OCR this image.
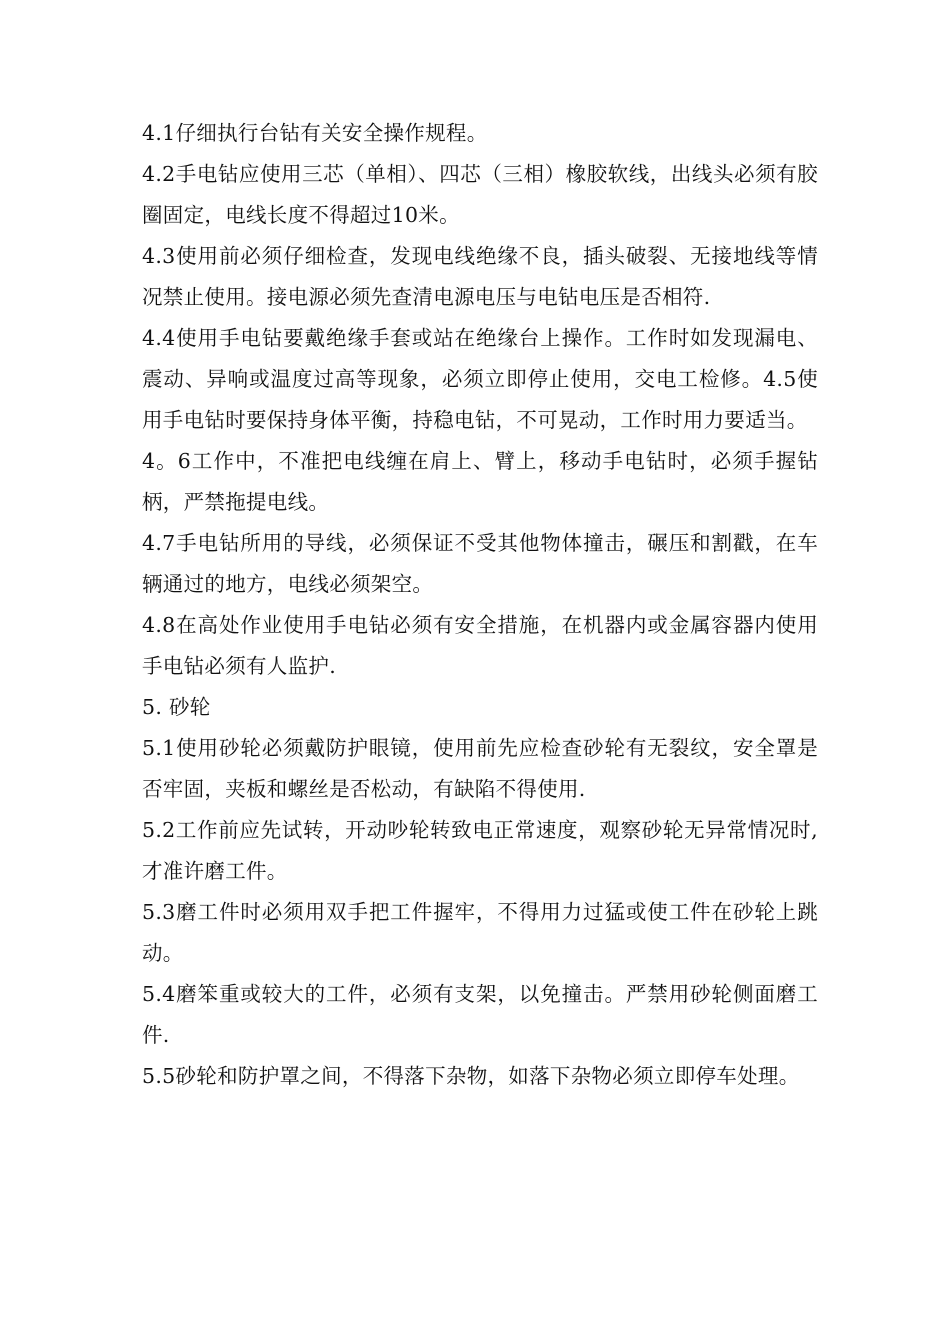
4.1仔细执行台钻有关安全操作规程。

4.2手电钻应使用三芯（单相）、四芯（三相）橡胶软线，出线头必须有胶圈固定，电线长度不得超过10米。

4.3使用前必须仔细检查，发现电线绝缘不良，插头破裂、无接地线等情况禁止使用。接电源必须先查清电源电压与电钻电压是否相符.

4.4使用手电钻要戴绝缘手套或站在绝缘台上操作。工作时如发现漏电、震动、异响或温度过高等现象，必须立即停止使用，交电工检修。4.5使用手电钻时要保持身体平衡，持稳电钻，不可晃动，工作时用力要适当。

4。6工作中，不准把电线缠在肩上、臂上，移动手电钻时，必须手握钻柄，严禁拖提电线。

4.7手电钻所用的导线，必须保证不受其他物体撞击，碾压和割戳，在车辆通过的地方，电线必须架空。

4.8在高处作业使用手电钻必须有安全措施，在机器内或金属容器内使用手电钻必须有人监护.

5. 砂轮

5.1使用砂轮必须戴防护眼镜，使用前先应检查砂轮有无裂纹，安全罩是否牢固，夹板和螺丝是否松动，有缺陷不得使用.

5.2工作前应先试转，开动吵轮转致电正常速度，观察砂轮无异常情况时,才准许磨工件。

5.3磨工件时必须用双手把工件握牢，不得用力过猛或使工件在砂轮上跳动。

5.4磨笨重或较大的工件，必须有支架，以免撞击。严禁用砂轮侧面磨工件.

5.5砂轮和防护罩之间，不得落下杂物，如落下杂物必须立即停车处理。
